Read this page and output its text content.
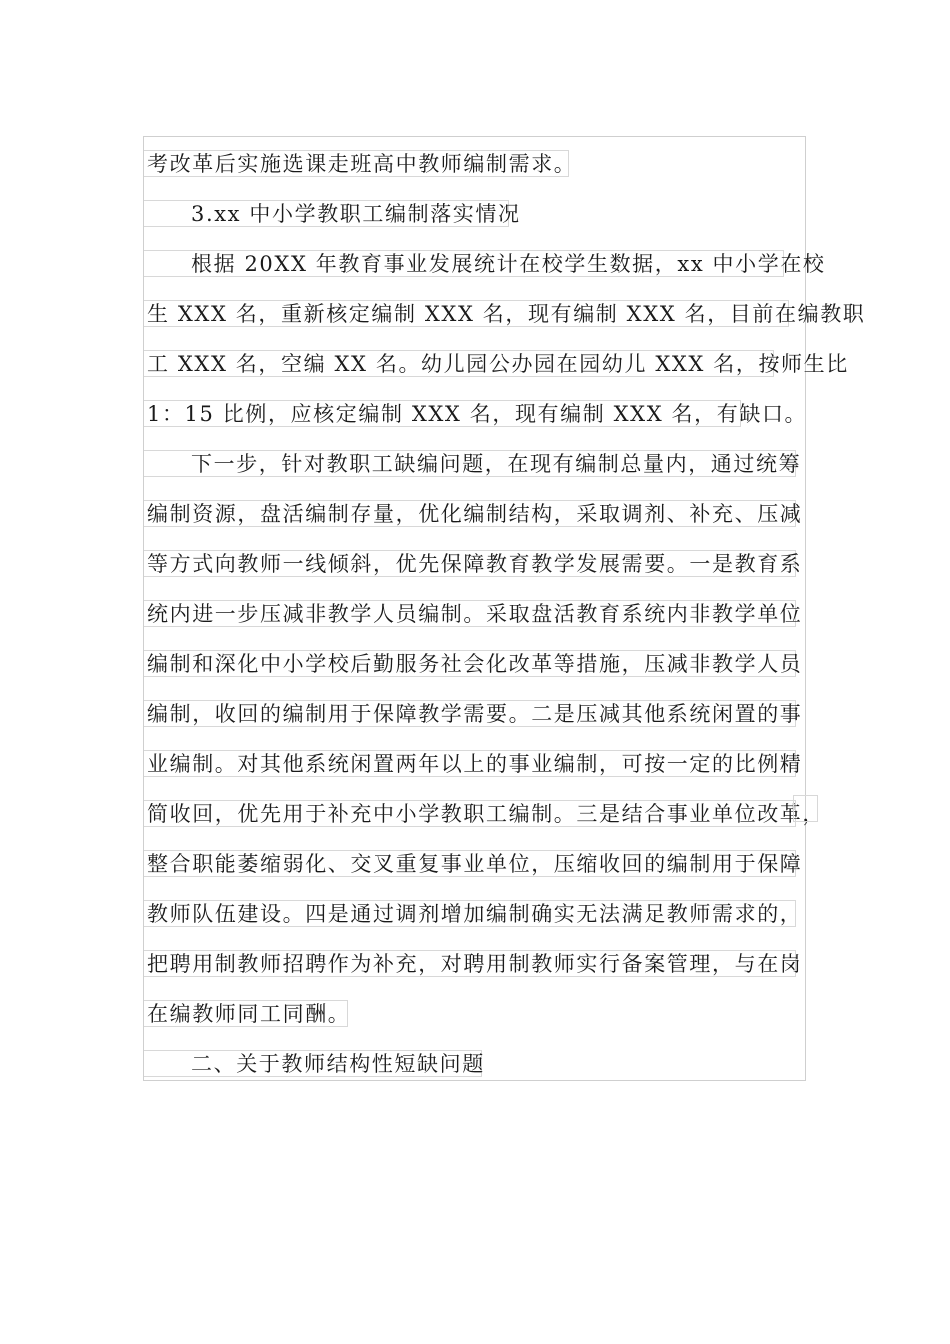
考改革后实施选课走班高中教师编制需求。
3.xx 中小学教职工编制落实情况
根据 20XX 年教育事业发展统计在校学生数据，xx 中小学在校
生 XXX 名，重新核定编制 XXX 名，现有编制 XXX 名，目前在编教职
工 XXX 名，空编 XX 名。幼儿园公办园在园幼儿 XXX 名，按师生比
1：15 比例，应核定编制 XXX 名，现有编制 XXX 名，有缺口。
下一步，针对教职工缺编问题，在现有编制总量内，通过统筹
编制资源，盘活编制存量，优化编制结构，采取调剂、补充、压减
等方式向教师一线倾斜，优先保障教育教学发展需要。一是教育系
统内进一步压减非教学人员编制。采取盘活教育系统内非教学单位
编制和深化中小学校后勤服务社会化改革等措施，压减非教学人员
编制，收回的编制用于保障教学需要。二是压减其他系统闲置的事
业编制。对其他系统闲置两年以上的事业编制，可按一定的比例精
简收回，优先用于补充中小学教职工编制。三是结合事业单位改革，
整合职能萎缩弱化、交叉重复事业单位，压缩收回的编制用于保障
教师队伍建设。四是通过调剂增加编制确实无法满足教师需求的，
把聘用制教师招聘作为补充，对聘用制教师实行备案管理，与在岗
在编教师同工同酬。
二、关于教师结构性短缺问题
